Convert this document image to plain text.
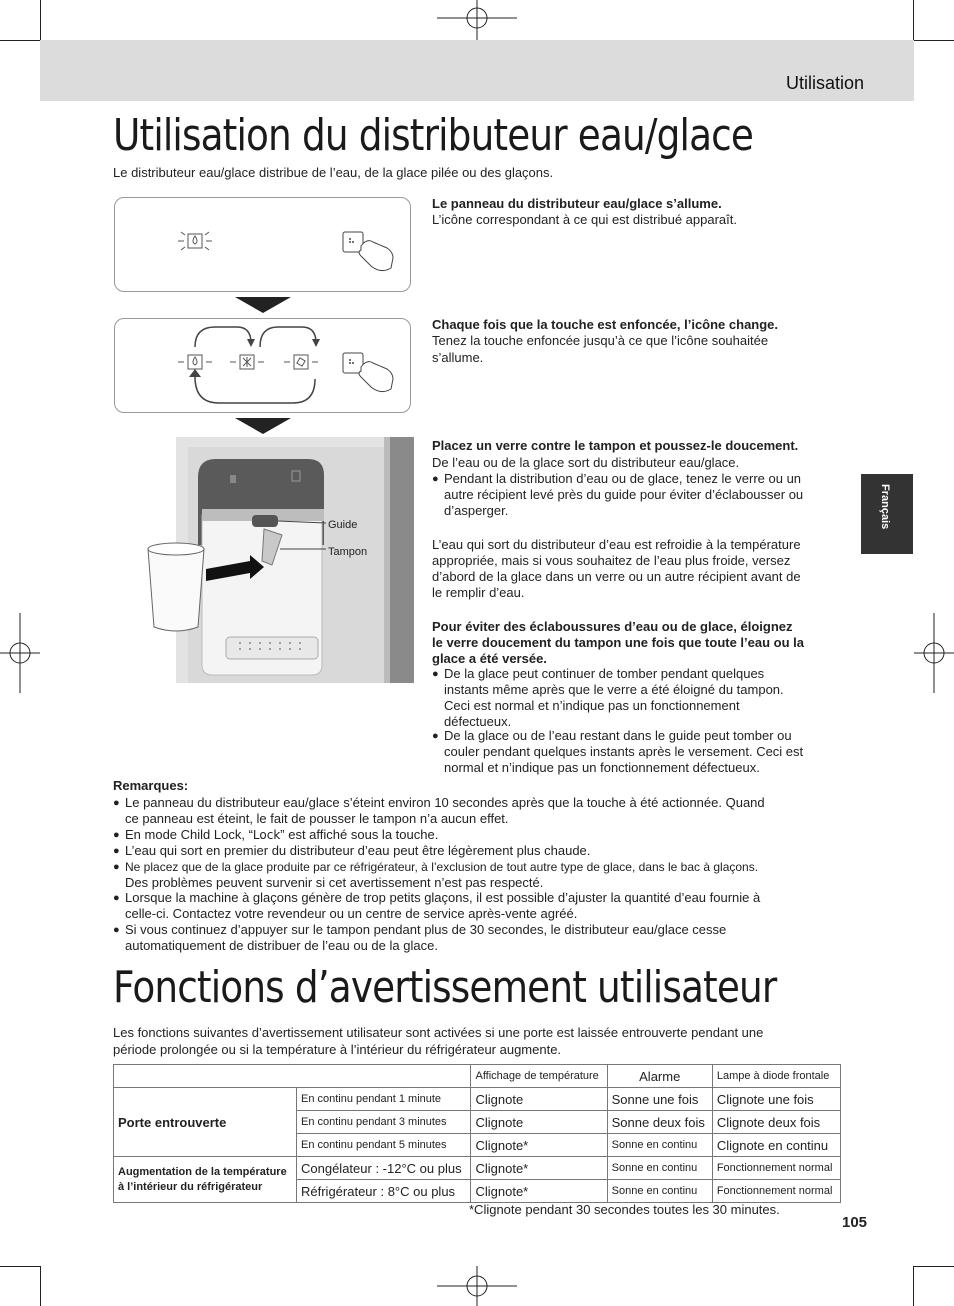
Utilisation
Français
Utilisation du distributeur eau/glace
Le distributeur eau/glace distribue de l’eau, de la glace pilée ou des glaçons.
Le panneau du distributeur eau/glace s’allume.
L’icône correspondant à ce qui est distribué apparaît.
Chaque fois que la touche est enfoncée, l’icône change.
Tenez la touche enfoncée jusqu’à ce que l’icône souhaitée
s’allume.
Guide
Tampon
Placez un verre contre le tampon et poussez-le doucement.
De l’eau ou de la glace sort du distributeur eau/glace.
● Pendant la distribution d’eau ou de glace, tenez le verre ou un
autre récipient levé près du guide pour éviter d’éclabousser ou
d’asperger.
L’eau qui sort du distributeur d’eau est refroidie à la température
appropriée, mais si vous souhaitez de l’eau plus froide, versez
d’abord de la glace dans un verre ou un autre récipient avant de
le remplir d’eau.
Pour éviter des éclaboussures d’eau ou de glace, éloignez
le verre doucement du tampon une fois que toute l’eau ou la
glace a été versée.
● De la glace peut continuer de tomber pendant quelques
instants même après que le verre a été éloigné du tampon.
Ceci est normal et n’indique pas un fonctionnement
défectueux.
● De la glace ou de l’eau restant dans le guide peut tomber ou
couler pendant quelques instants après le versement. Ceci est
normal et n’indique pas un fonctionnement défectueux.
Remarques:
● Le panneau du distributeur eau/glace s’éteint environ 10 secondes après que la touche à été actionnée. Quand
ce panneau est éteint, le fait de pousser le tampon n’a aucun effet.
● En mode Child Lock, “Lock” est affiché sous la touche.
● L’eau qui sort en premier du distributeur d’eau peut être légèrement plus chaude.
● Ne placez que de la glace produite par ce réfrigérateur, à l’exclusion de tout autre type de glace, dans le bac à glaçons.
Des problèmes peuvent survenir si cet avertissement n’est pas respecté.
● Lorsque la machine à glaçons génère de trop petits glaçons, il est possible d’ajuster la quantité d’eau fournie à
celle-ci. Contactez votre revendeur ou un centre de service après-vente agréé.
● Si vous continuez d’appuyer sur le tampon pendant plus de 30 secondes, le distributeur eau/glace cesse
automatiquement de distribuer de l’eau ou de la glace.
Fonctions d’avertissement utilisateur
Les fonctions suivantes d’avertissement utilisateur sont activées si une porte est laissée entrouverte pendant une
période prolongée ou si la température à l’intérieur du réfrigérateur augmente.
		Affichage de température	Alarme	Lampe à diode frontale
Porte entrouverte	En continu pendant 1 minute	Clignote	Sonne une fois	Clignote une fois
	En continu pendant 3 minutes	Clignote	Sonne deux fois	Clignote deux fois
	En continu pendant 5 minutes	Clignote*	Sonne en continu	Clignote en continu

Augmentation de la température
à l’intérieur du réfrigérateur	Congélateur : -12°C ou plus	Clignote*	Sonne en continu	Fonctionnement normal
	Réfrigérateur : 8°C ou plus	Clignote*	Sonne en continu	Fonctionnement normal
*Clignote pendant 30 secondes toutes les 30 minutes.
105
